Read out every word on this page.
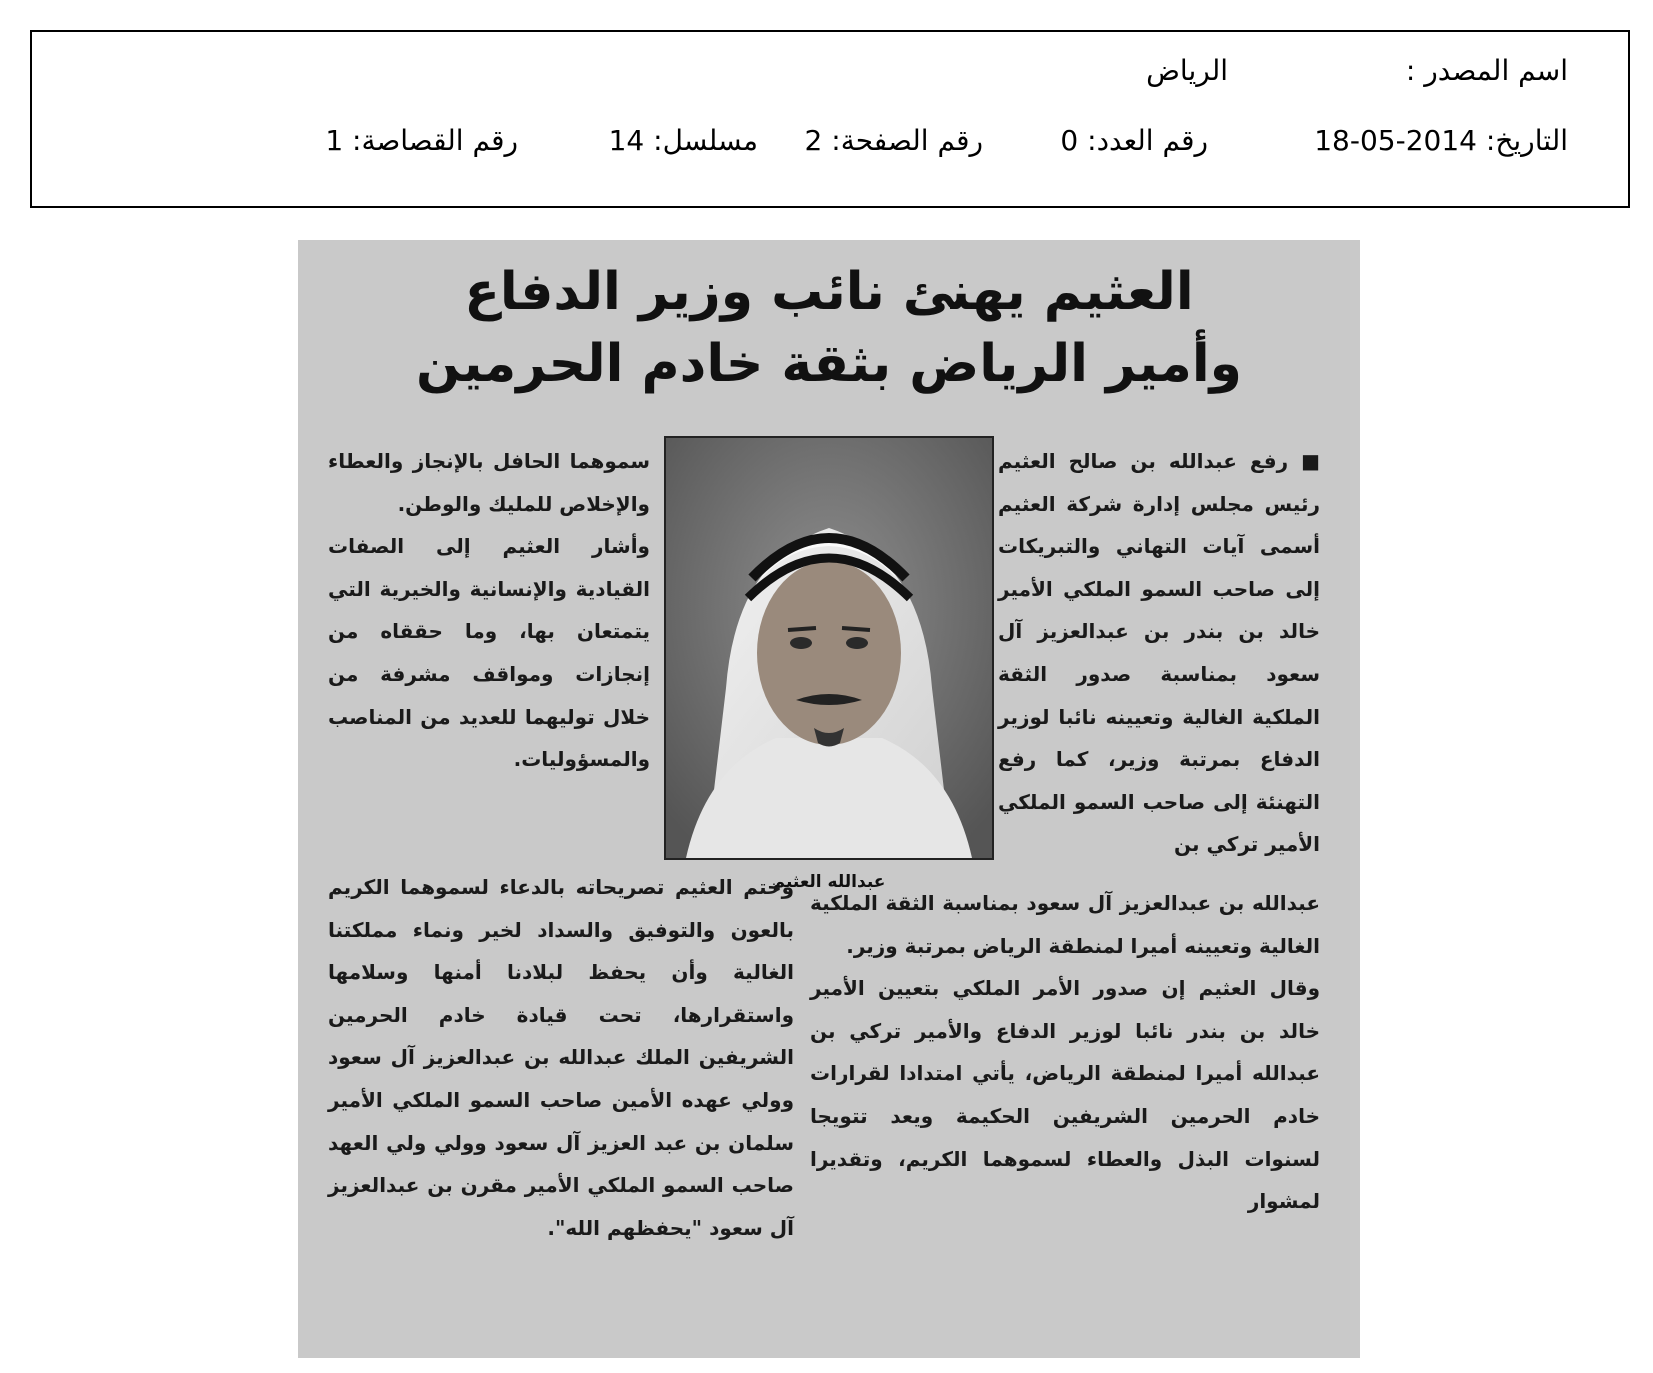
اسم المصدر :
الرياض
التاريخ: 2014-05-18
رقم العدد: 0
رقم الصفحة: 2
مسلسل: 14
رقم القصاصة: 1
العثيم يهنئ نائب وزير الدفاع
وأمير الرياض بثقة خادم الحرمين

■ رفع عبدالله بن صالح العثيم رئيس مجلس إدارة شركة العثيم أسمى آيات التهاني والتبريكات إلى صاحب السمو الملكي الأمير خالد بن بندر بن عبدالعزيز آل سعود بمناسبة صدور الثقة الملكية الغالية وتعيينه نائبا لوزير الدفاع بمرتبة وزير، كما رفع التهنئة إلى صاحب السمو الملكي الأمير تركي بن

عبدالله العثيم

عبدالله بن عبدالعزيز آل سعود بمناسبة الثقة الملكية الغالية وتعيينه أميرا لمنطقة الرياض بمرتبة وزير.

وقال العثيم إن صدور الأمر الملكي بتعيين الأمير خالد بن بندر نائبا لوزير الدفاع والأمير تركي بن عبدالله أميرا لمنطقة الرياض، يأتي امتدادا لقرارات خادم الحرمين الشريفين الحكيمة ويعد تتويجا لسنوات البذل والعطاء لسموهما الكريم، وتقديرا لمشوار

سموهما الحافل بالإنجاز والعطاء والإخلاص للمليك والوطن.

وأشار العثيم إلى الصفات القيادية والإنسانية والخيرية التي يتمتعان بها، وما حققاه من إنجازات ومواقف مشرفة من خلال توليهما للعديد من المناصب والمسؤوليات.

وختم العثيم تصريحاته بالدعاء لسموهما الكريم بالعون والتوفيق والسداد لخير ونماء مملكتنا الغالية وأن يحفظ لبلادنا أمنها وسلامها واستقرارها، تحت قيادة خادم الحرمين الشريفين الملك عبدالله بن عبدالعزيز آل سعود وولي عهده الأمين صاحب السمو الملكي الأمير سلمان بن عبد العزيز آل سعود وولي ولي العهد صاحب السمو الملكي الأمير مقرن بن عبدالعزيز آل سعود "يحفظهم الله".
